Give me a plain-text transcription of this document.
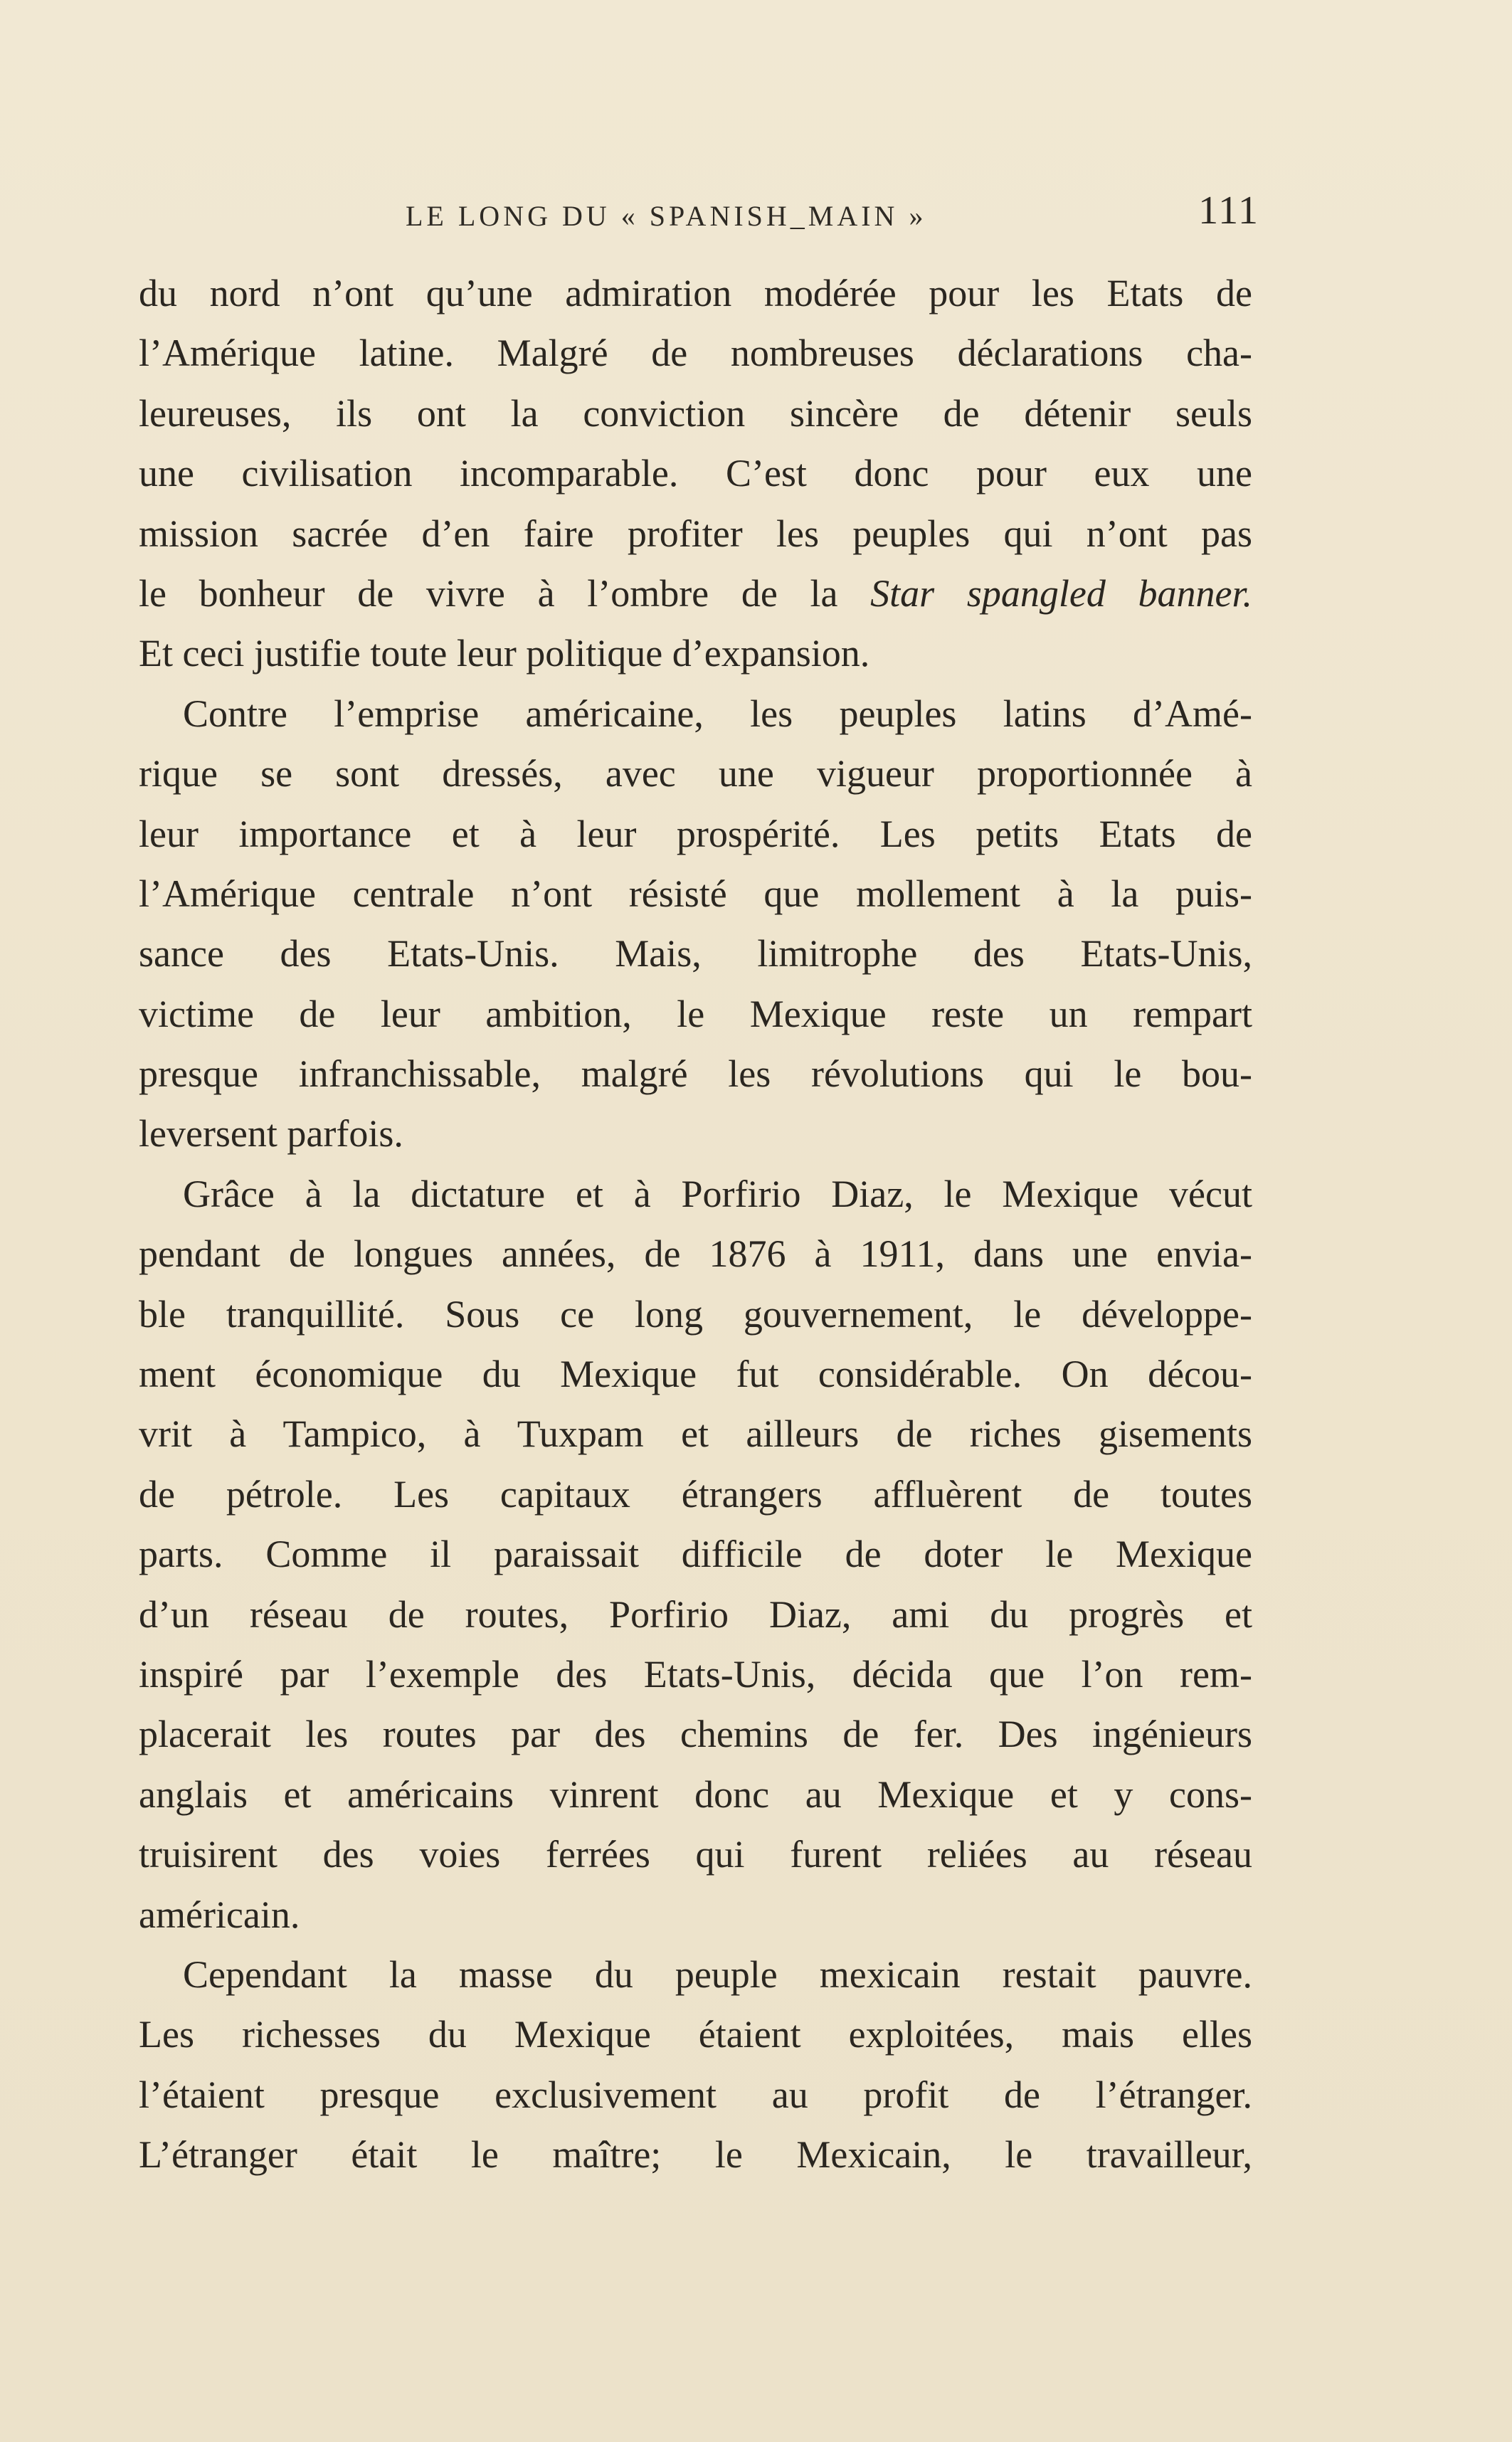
LE LONG DU « SPANISH_MAIN »	111
du nord n’ont qu’une admiration modérée pour les Etats de
l’Amérique latine. Malgré de nombreuses déclarations cha-
leureuses, ils ont la conviction sincère de détenir seuls
une civilisation incomparable. C’est donc pour eux une
mission sacrée d’en faire profiter les peuples qui n’ont pas
le bonheur de vivre à l’ombre de la Star spangled banner.
Et ceci justifie toute leur politique d’expansion.
Contre l’emprise américaine, les peuples latins d’Amé-
rique se sont dressés, avec une vigueur proportionnée à
leur importance et à leur prospérité. Les petits Etats de
l’Amérique centrale n’ont résisté que mollement à la puis-
sance des Etats-Unis. Mais, limitrophe des Etats-Unis,
victime de leur ambition, le Mexique reste un rempart
presque infranchissable, malgré les révolutions qui le bou-
leversent parfois.
Grâce à la dictature et à Porfirio Diaz, le Mexique vécut
pendant de longues années, de 1876 à 1911, dans une envia-
ble tranquillité. Sous ce long gouvernement, le développe-
ment économique du Mexique fut considérable. On décou-
vrit à Tampico, à Tuxpam et ailleurs de riches gisements
de pétrole. Les capitaux étrangers affluèrent de toutes
parts. Comme il paraissait difficile de doter le Mexique
d’un réseau de routes, Porfirio Diaz, ami du progrès et
inspiré par l’exemple des Etats-Unis, décida que l’on rem-
placerait les routes par des chemins de fer. Des ingénieurs
anglais et américains vinrent donc au Mexique et y cons-
truisirent des voies ferrées qui furent reliées au réseau
américain.
Cependant la masse du peuple mexicain restait pauvre.
Les richesses du Mexique étaient exploitées, mais elles
l’étaient presque exclusivement au profit de l’étranger.
L’étranger était le maître; le Mexicain, le travailleur,
